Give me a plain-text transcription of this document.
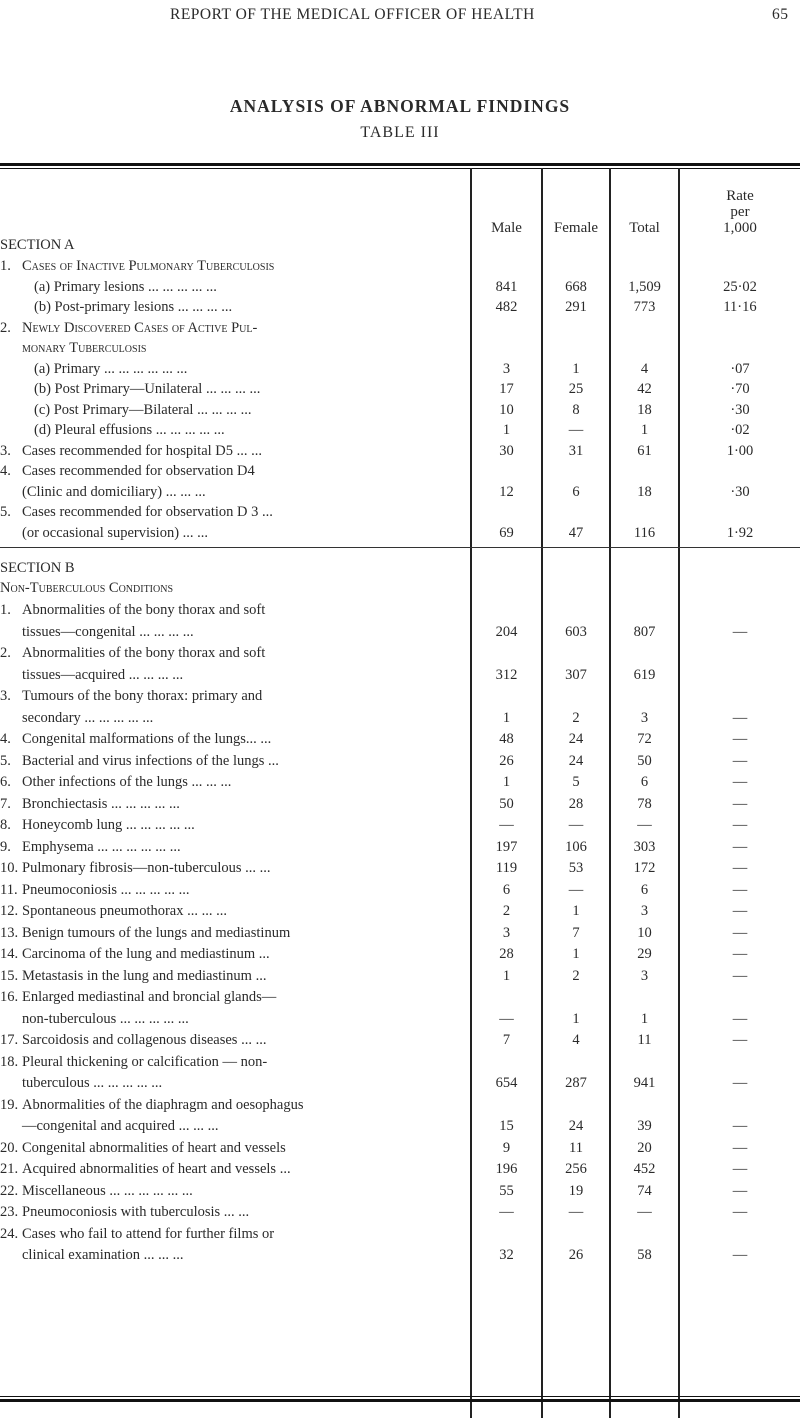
REPORT OF THE MEDICAL OFFICER OF HEALTH	65
ANALYSIS OF ABNORMAL FINDINGS
TABLE III
Male	Female	Total
Rate
per
1,000
SECTION A
1. Cases of Inactive Pulmonary Tuberculosis
(a) Primary lesions ... ... ... ... ...	841	668	1,509	25·02
(b) Post-primary lesions ... ... ... ...	482	291	773	11·16
2. Newly Discovered Cases of Active Pul-
monary Tuberculosis
(a) Primary ... ... ... ... ... ...	3	1	4	·07
(b) Post Primary—Unilateral ... ... ... ...	17	25	42	·70
(c) Post Primary—Bilateral ... ... ... ...	10	8	18	·30
(d) Pleural effusions ... ... ... ... ...	1	—	1	·02
3. Cases recommended for hospital D5 ... ...	30	31	61	1·00
4. Cases recommended for observation D4
(Clinic and domiciliary) ... ... ...	12	6	18	·30
5. Cases recommended for observation D 3 ...
(or occasional supervision) ... ...	69	47	116	1·92
SECTION B
Non-Tuberculous Conditions
1. Abnormalities of the bony thorax and soft
tissues—congenital ... ... ... ...	204	603	807	—
2. Abnormalities of the bony thorax and soft
tissues—acquired ... ... ... ...	312	307	619
3. Tumours of the bony thorax: primary and
secondary ... ... ... ... ...	1	2	3	—
4. Congenital malformations of the lungs... ...	48	24	72	—
5. Bacterial and virus infections of the lungs ...	26	24	50	—
6. Other infections of the lungs ... ... ...	1	5	6	—
7. Bronchiectasis ... ... ... ... ...	50	28	78	—
8. Honeycomb lung ... ... ... ... ...	—	—	—	—
9. Emphysema ... ... ... ... ... ...	197	106	303	—
10. Pulmonary fibrosis—non-tuberculous ... ...	119	53	172	—
11. Pneumoconiosis ... ... ... ... ...	6	—	6	—
12. Spontaneous pneumothorax ... ... ...	2	1	3	—
13. Benign tumours of the lungs and mediastinum	3	7	10	—
14. Carcinoma of the lung and mediastinum ...	28	1	29	—
15. Metastasis in the lung and mediastinum ...	1	2	3	—
16. Enlarged mediastinal and broncial glands—
non-tuberculous ... ... ... ... ...	—	1	1	—
17. Sarcoidosis and collagenous diseases ... ...	7	4	11	—
18. Pleural thickening or calcification — non-
tuberculous ... ... ... ... ...	654	287	941	—
19. Abnormalities of the diaphragm and oesophagus
—congenital and acquired ... ... ...	15	24	39	—
20. Congenital abnormalities of heart and vessels	9	11	20	—
21. Acquired abnormalities of heart and vessels ...	196	256	452	—
22. Miscellaneous ... ... ... ... ... ...	55	19	74	—
23. Pneumoconiosis with tuberculosis ... ...	—	—	—	—
24. Cases who fail to attend for further films or
clinical examination ... ... ...	32	26	58	—
